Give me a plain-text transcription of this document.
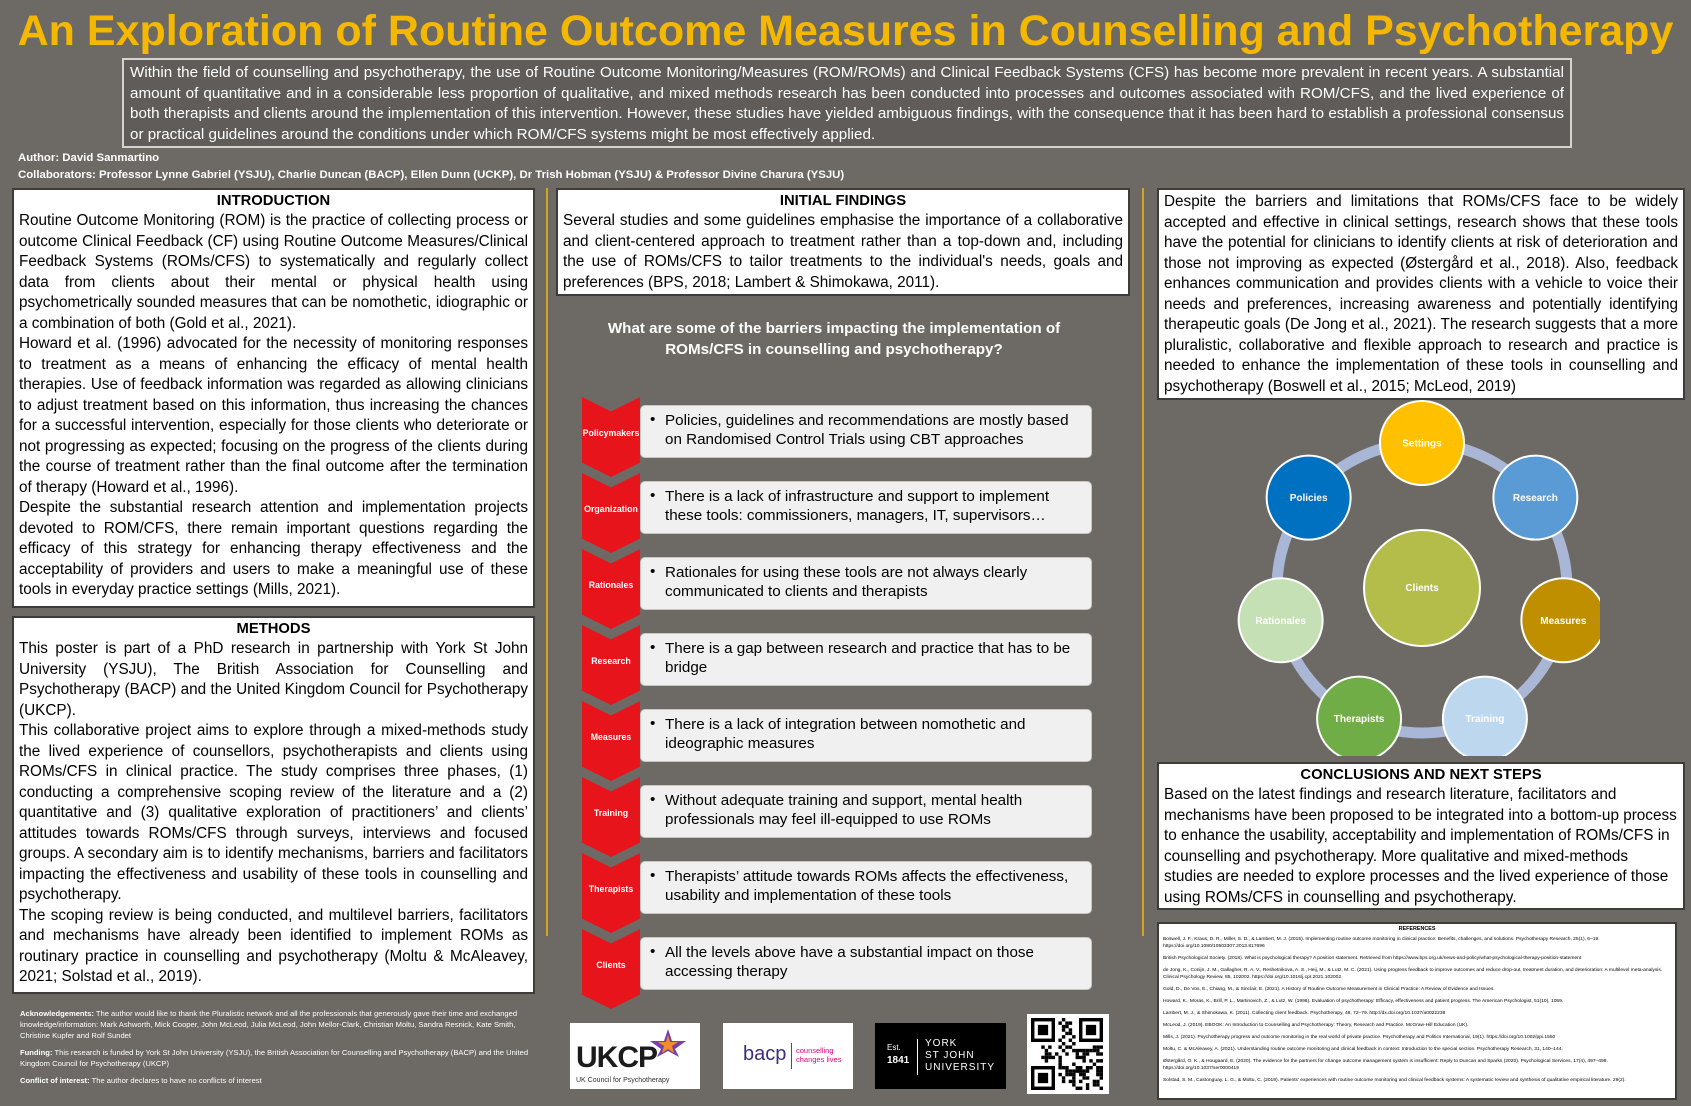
An Exploration of Routine Outcome Measures in Counselling and Psychotherapy
Within the field of counselling and psychotherapy, the use of Routine Outcome Monitoring/Measures (ROM/ROMs) and Clinical Feedback Systems (CFS) has become more prevalent in recent years. A substantial amount of quantitative and in a considerable less proportion of qualitative, and mixed methods research has been conducted into processes and outcomes associated with ROM/CFS, and the lived experience of both therapists and clients around the implementation of this intervention. However, these studies have yielded ambiguous findings, with the consequence that it has been hard to establish a professional consensus or practical guidelines around the conditions under which ROM/CFS systems might be most effectively applied.
Author: David Sanmartino
Collaborators: Professor Lynne Gabriel (YSJU), Charlie Duncan (BACP), Ellen Dunn (UCKP), Dr Trish Hobman (YSJU) & Professor Divine Charura (YSJU)
INTRODUCTION

Routine Outcome Monitoring (ROM) is the practice of collecting process or outcome Clinical Feedback (CF) using Routine Outcome Measures/Clinical Feedback Systems (ROMs/CFS) to systematically and regularly collect data from clients about their mental or physical health using psychometrically sounded measures that can be nomothetic, idiographic or a combination of both (Gold et al., 2021).

Howard et al. (1996) advocated for the necessity of monitoring responses to treatment as a means of enhancing the efficacy of mental health therapies. Use of feedback information was regarded as allowing clinicians to adjust treatment based on this information, thus increasing the chances for a successful intervention, especially for those clients who deteriorate or not progressing as expected; focusing on the progress of the clients during the course of treatment rather than the final outcome after the termination of therapy (Howard et al., 1996).

Despite the substantial research attention and implementation projects devoted to ROM/CFS, there remain important questions regarding the efficacy of this strategy for enhancing therapy effectiveness and the acceptability of providers and users to make a meaningful use of these tools in everyday practice settings (Mills, 2021).

METHODS

This poster is part of a PhD research in partnership with York St John University (YSJU), The British Association for Counselling and Psychotherapy (BACP) and the United Kingdom Council for Psychotherapy (UKCP).

This collaborative project aims to explore through a mixed-methods study the lived experience of counsellors, psychotherapists and clients using ROMs/CFS in clinical practice. The study comprises three phases, (1) conducting a comprehensive scoping review of the literature and a (2) quantitative and (3) qualitative exploration of practitioners’ and clients’ attitudes towards ROMs/CFS through surveys, interviews and focused groups. A secondary aim is to identify mechanisms, barriers and facilitators impacting the effectiveness and usability of these tools in counselling and psychotherapy.

The scoping review is being conducted, and multilevel barriers, facilitators and mechanisms have already been identified to implement ROMs as routinary practice in counselling and psychotherapy (Moltu & McAleavey, 2021; Solstad et al., 2019).

INITIAL FINDINGS

Several studies and some guidelines emphasise the importance of a collaborative and client-centered approach to treatment rather than a top-down and, including the use of ROMs/CFS to tailor treatments to the individual's needs, goals and preferences (BPS, 2018; Lambert & Shimokawa, 2011).

What are some of the barriers impacting the implementation of ROMs/CFS in counselling and psychotherapy?
Policymakers
• Policies, guidelines and recommendations are mostly based on Randomised Control Trials using CBT approaches
Organization
• There is a lack of infrastructure and support to implement these tools: commissioners, managers, IT, supervisors…
Rationales
• Rationales for using these tools are not always clearly communicated to clients and therapists
Research
• There is a gap between research and practice that has to be bridge
Measures
• There is a lack of integration between nomothetic and ideographic measures
Training
• Without adequate training and support, mental health professionals may feel ill-equipped to use ROMs
Therapists
• Therapists’ attitude towards ROMs affects the effectiveness, usability and implementation of these tools
Clients
• All the levels above have a substantial impact on those accessing therapy

Despite the barriers and limitations that ROMs/CFS face to be widely accepted and effective in clinical settings, research shows that these tools have the potential for clinicians to identify clients at risk of deterioration and those not improving as expected (Østergård et al., 2018). Also, feedback enhances communication and provides clients with a vehicle to voice their needs and preferences, increasing awareness and potentially identifying therapeutic goals (De Jong et al., 2021). The research suggests that a more pluralistic, collaborative and flexible approach to research and practice is needed to enhance the implementation of these tools in counselling and psychotherapy (Boswell et al., 2015; McLeod, 2019)

Clients
Settings
Research
Measures
Training
Therapists
Rationales
Policies
CONCLUSIONS AND NEXT STEPS

Based on the latest findings and research literature, facilitators and mechanisms have been proposed to be integrated into a bottom-up process to enhance the usability, acceptability and implementation of ROMs/CFS in counselling and psychotherapy. More qualitative and mixed-methods studies are needed to explore processes and the lived experience of those using ROMs/CFS in counselling and psychotherapy.

REFERENCES

Boswell, J. F., Kraus, D. R., Miller, S. D., & Lambert, M. J. (2015). Implementing routine outcome monitoring in clinical practice: Benefits, challenges, and solutions. Psychotherapy Research, 25(1), 6–19. https://doi.org/10.1080/10503307.2013.817696

British Psychological Society. (2018). What is psychological therapy? A position statement. Retrieved from https://www.bps.org.uk/news-and-policy/what-psychological-therapy-position-statement

de Jong, K., Conijn, J. M., Gallagher, R. A. V., Reshetnikova, A. S., Heij, M., & Lutz, M. C. (2021). Using progress feedback to improve outcomes and reduce drop-out, treatment duration, and deterioration: A multilevel meta-analysis. Clinical Psychology Review, 85, 102002. https://doi.org/10.1016/j.cpr.2021.102002

Gold, D., De Vos, E., Chiang, M., & Sinclair, E. (2021). A History of Routine Outcome Measurement in Clinical Practice: A Review of Evidence and Issues.

Howard, K., Moras, K., Brill, P. L., Martinovich, Z., & Lutz, W. (1996). Evaluation of psychotherapy: Efficacy, effectiveness and patient progress. The American Psychologist, 51(10), 1059.

Lambert, M. J., & Shimokawa, K. (2011). Collecting client feedback. Psychotherapy, 48, 72–79. http://dx.doi.org/10.1037/a0022238

McLeod, J. (2019). EBOOK: An Introduction to Counselling and Psychotherapy: Theory, Research and Practice. McGraw-Hill Education (UK).

Mills, J. (2021). Psychotherapy progress and outcome monitoring in the real world of private practice. Psychotherapy and Politics International, 19(1). https://doi.org/10.1002/ppi.1550

Moltu, C. & McAleavey, A. (2021). Understanding routine outcome monitoring and clinical feedback in context: Introduction to the special section. Psychotherapy Research, 31, 140–144.

Østergård, O. K., & Hougaard, E. (2020). The evidence for the partners for change outcome management system is insufficient: Reply to Duncan and Sparks (2020). Psychological Services, 17(4), 497–498. https://doi.org/10.1037/ser0000419

Solstad, S. M., Castonguay, L. G., & Moltu, C. (2019). Patients' experiences with routine outcome monitoring and clinical feedback systems: A systematic review and synthesis of qualitative empirical literature. 29(2).

Acknowledgements: The author would like to thank the Pluralistic network and all the professionals that generously gave their time and exchanged knowledge/information: Mark Ashworth, Mick Cooper, John McLeod, Julia McLeod, John Mellor-Clark, Christian Moltu, Sandra Resnick, Kate Smith, Christine Kupfer and Rolf Sundet

Funding: This research is funded by York St John University (YSJU), the British Association for Counselling and Psychotherapy (BACP) and the United Kingdom Council for Psychotherapy (UKCP)

Conflict of interest: The author declares to have no conflicts of interest

UKCP
UK Council for Psychotherapy
bacp counselling
changes lives
Est.
1841
YORK
ST JOHN
UNIVERSITY
